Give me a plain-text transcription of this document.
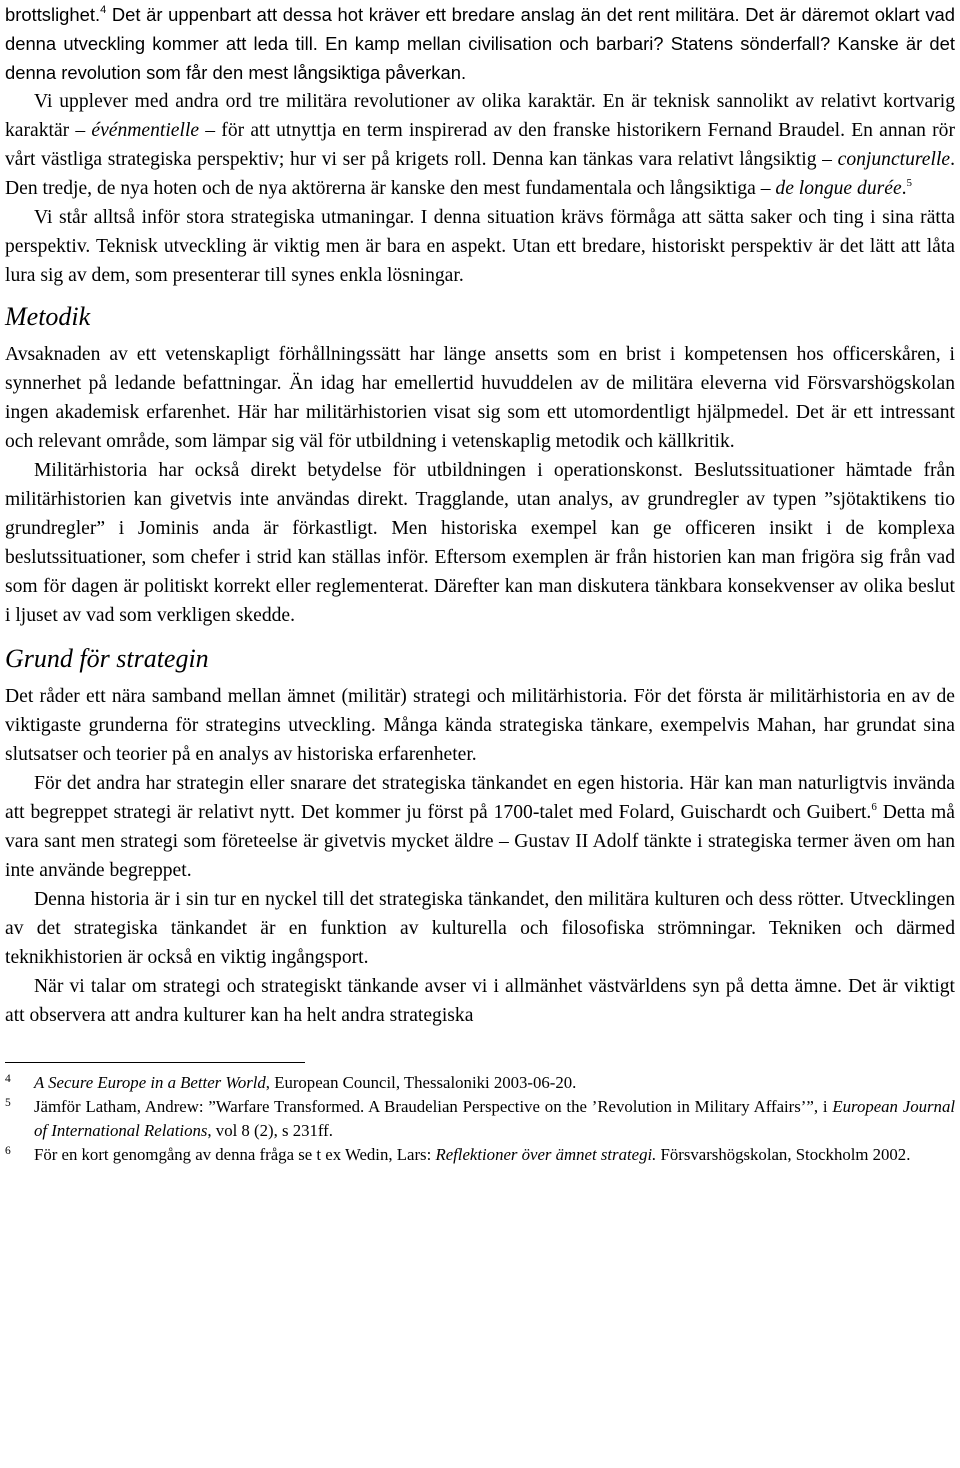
brottslighet.$^4$ Det är uppenbart att dessa hot kräver ett bredare anslag än det rent militära. Det är däremot oklart vad denna utveckling kommer att leda till. En kamp mellan civilisation och barbari? Statens sönderfall? Kanske är det denna revolution som får den mest långsiktiga påverkan.

Vi upplever med andra ord tre militära revolutioner av olika karaktär. En är teknisk sannolikt av relativt kortvarig karaktär – événmentielle – för att utnyttja en term inspirerad av den franske historikern Fernand Braudel. En annan rör vårt västliga strategiska perspektiv; hur vi ser på krigets roll. Denna kan tänkas vara relativt långsiktig – conjuncturelle. Den tredje, de nya hoten och de nya aktörerna är kanske den mest fundamentala och långsiktiga – de longue durée.$^5$

Vi står alltså inför stora strategiska utmaningar. I denna situation krävs förmåga att sätta saker och ting i sina rätta perspektiv. Teknisk utveckling är viktig men är bara en aspekt. Utan ett bredare, historiskt perspektiv är det lätt att låta lura sig av dem, som presenterar till synes enkla lösningar.

Metodik

Avsaknaden av ett vetenskapligt förhållningssätt har länge ansetts som en brist i kompetensen hos officerskåren, i synnerhet på ledande befattningar. Än idag har emellertid huvuddelen av de militära eleverna vid Försvarshögskolan ingen akademisk erfarenhet. Här har militärhistorien visat sig som ett utomordentligt hjälpmedel. Det är ett intressant och relevant område, som lämpar sig väl för utbildning i vetenskaplig metodik och källkritik.

Militärhistoria har också direkt betydelse för utbildningen i operationskonst. Beslutssituationer hämtade från militärhistorien kan givetvis inte användas direkt. Tragglande, utan analys, av grundregler av typen ”sjötaktikens tio grundregler” i Jominis anda är förkastligt. Men historiska exempel kan ge officeren insikt i de komplexa beslutssituationer, som chefer i strid kan ställas inför. Eftersom exemplen är från historien kan man frigöra sig från vad som för dagen är politiskt korrekt eller reglementerat. Därefter kan man diskutera tänkbara konsekvenser av olika beslut i ljuset av vad som verkligen skedde.

Grund för strategin

Det råder ett nära samband mellan ämnet (militär) strategi och militärhistoria. För det första är militärhistoria en av de viktigaste grunderna för strategins utveckling. Många kända strategiska tänkare, exempelvis Mahan, har grundat sina slutsatser och teorier på en analys av historiska erfarenheter.

För det andra har strategin eller snarare det strategiska tänkandet en egen historia. Här kan man naturligtvis invända att begreppet strategi är relativt nytt. Det kommer ju först på 1700-talet med Folard, Guischardt och Guibert.$^6$ Detta må vara sant men strategi som företeelse är givetvis mycket äldre – Gustav II Adolf tänkte i strategiska termer även om han inte använde begreppet.

Denna historia är i sin tur en nyckel till det strategiska tänkandet, den militära kulturen och dess rötter. Utvecklingen av det strategiska tänkandet är en funktion av kulturella och filosofiska strömningar. Tekniken och därmed teknikhistorien är också en viktig ingångsport.

När vi talar om strategi och strategiskt tänkande avser vi i allmänhet västvärldens syn på detta ämne. Det är viktigt att observera att andra kulturer kan ha helt andra strategiska

4 A Secure Europe in a Better World, European Council, Thessaloniki 2003-06-20.

5 Jämför Latham, Andrew: ”Warfare Transformed. A Braudelian Perspective on the ’Revolution in Military Affairs’”, i European Journal of International Relations, vol 8 (2), s 231ff.

6 För en kort genomgång av denna fråga se t ex Wedin, Lars: Reflektioner över ämnet strategi. Försvarshögskolan, Stockholm 2002.
